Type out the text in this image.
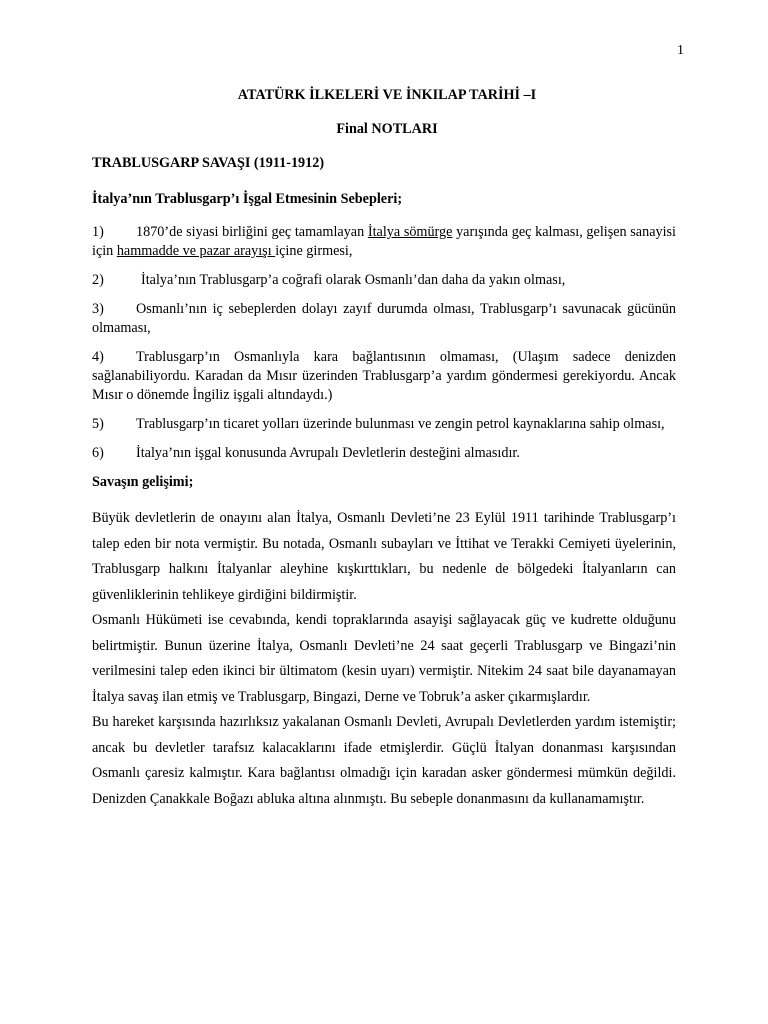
1
ATATÜRK İLKELERİ VE İNKILAP TARİHİ –I
Final NOTLARI
TRABLUSGARP SAVAŞI (1911-1912)
İtalya’nın Trablusgarp’ı İşgal Etmesinin Sebepleri;
1) 1870’de siyasi birliğini geç tamamlayan İtalya sömürge yarışında geç kalması, gelişen sanayisi için hammadde ve pazar arayışı içine girmesi,
2)	İtalya’nın Trablusgarp’a coğrafi olarak Osmanlı’dan daha da yakın olması,
3) Osmanlı’nın iç sebeplerden dolayı zayıf durumda olması, Trablusgarp’ı savunacak gücünün olmaması,
4) Trablusgarp’ın Osmanlıyla kara bağlantısının olmaması, (Ulaşım sadece denizden sağlanabiliyordu. Karadan da Mısır üzerinden Trablusgarp’a yardım göndermesi gerekiyordu. Ancak Mısır o dönemde İngiliz işgali altındaydı.)
5) Trablusgarp’ın ticaret yolları üzerinde bulunması ve zengin petrol kaynaklarına sahip olması,
6) İtalya’nın işgal konusunda Avrupalı Devletlerin desteğini almasıdır.
Savaşın gelişimi;

Büyük devletlerin de onayını alan İtalya, Osmanlı Devleti’ne 23 Eylül 1911 tarihinde Trablusgarp’ı talep eden bir nota vermiştir. Bu notada, Osmanlı subayları ve İttihat ve Terakki Cemiyeti üyelerinin, Trablusgarp halkını İtalyanlar aleyhine kışkırttıkları, bu nedenle de bölgedeki İtalyanların can güvenliklerinin tehlikeye girdiğini bildirmiştir.

Osmanlı Hükümeti ise cevabında, kendi topraklarında asayişi sağlayacak güç ve kudrette olduğunu belirtmiştir. Bunun üzerine İtalya, Osmanlı Devleti’ne 24 saat geçerli Trablusgarp ve Bingazi’nin verilmesini talep eden ikinci bir ültimatom (kesin uyarı) vermiştir. Nitekim 24 saat bile dayanamayan İtalya savaş ilan etmiş ve Trablusgarp, Bingazi, Derne ve Tobruk’a asker çıkarmışlardır.

Bu hareket karşısında hazırlıksız yakalanan Osmanlı Devleti, Avrupalı Devletlerden yardım istemiştir; ancak bu devletler tarafsız kalacaklarını ifade etmişlerdir. Güçlü İtalyan donanması karşısından Osmanlı çaresiz kalmıştır. Kara bağlantısı olmadığı için karadan asker göndermesi mümkün değildi. Denizden Çanakkale Boğazı abluka altına alınmıştı. Bu sebeple donanmasını da kullanamamıştır.
